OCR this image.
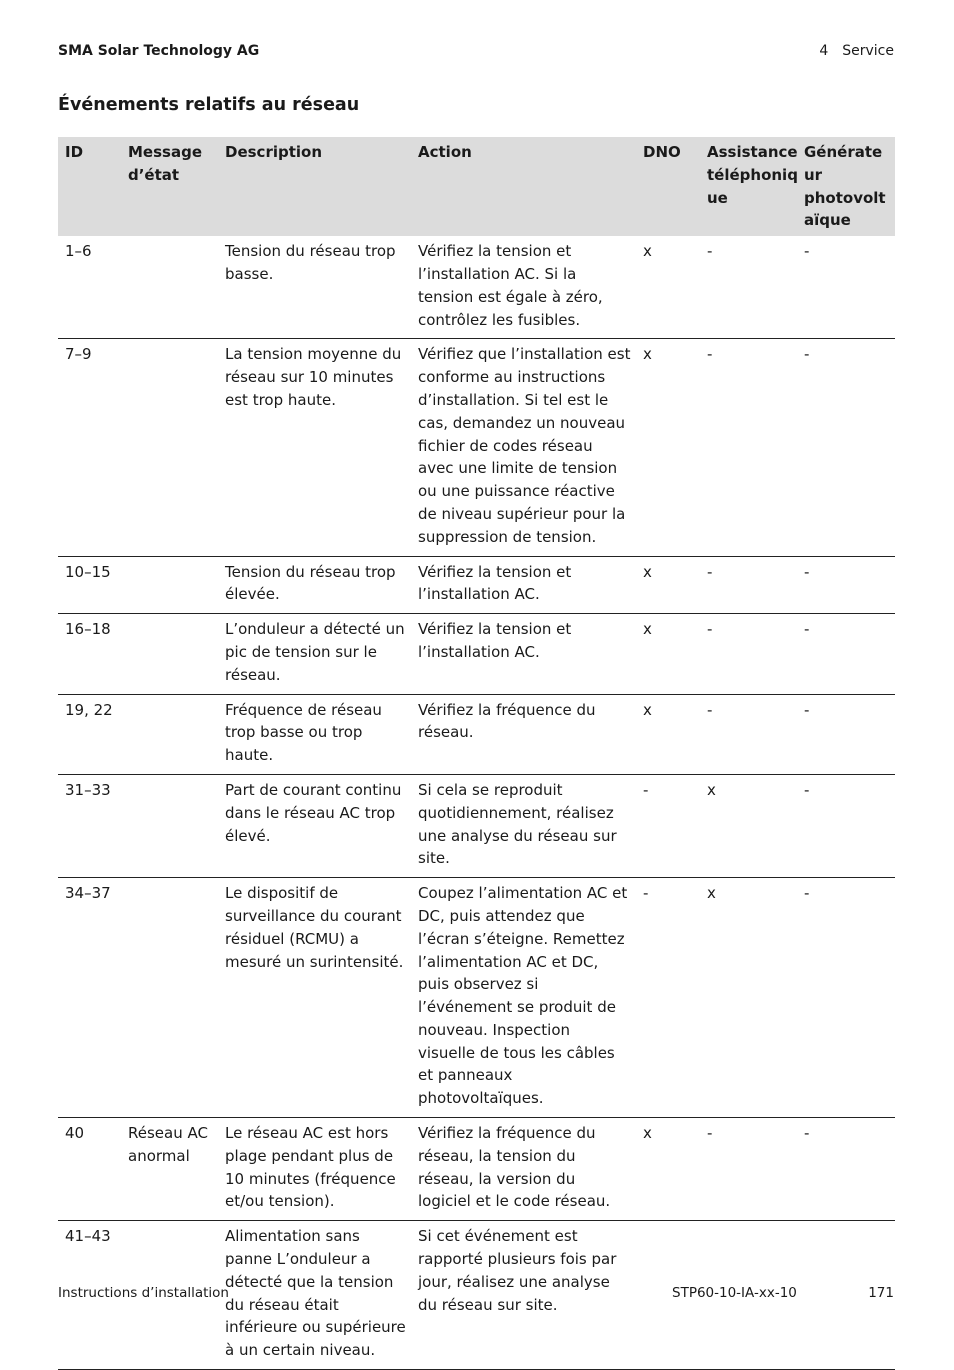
SMA Solar Technology AG	4 Service
Événements relatifs au réseau
ID	Message d’état	Description	Action	DNO	Assistance téléphoniq ue	Générate ur photovolt aïque
1–6		Tension du réseau trop basse.	Vérifiez la tension et l’installation AC. Si la tension est égale à zéro, contrôlez les fusibles.	x	-	-
7–9		La tension moyenne du réseau sur 10 minutes est trop haute.	Vérifiez que l’installation est conforme au instructions d’installation. Si tel est le cas, demandez un nouveau fichier de codes réseau avec une limite de tension ou une puissance réactive de niveau supérieur pour la suppression de tension.	x	-	-
10–15		Tension du réseau trop élevée.	Vérifiez la tension et l’installation AC.	x	-	-
16–18		L’onduleur a détecté un pic de tension sur le réseau.	Vérifiez la tension et l’installation AC.	x	-	-
19, 22		Fréquence de réseau trop basse ou trop haute.	Vérifiez la fréquence du réseau.	x	-	-
31–33		Part de courant continu dans le réseau AC trop élevé.	Si cela se reproduit quotidiennement, réalisez une analyse du réseau sur site.	-	x	-
34–37		Le dispositif de surveillance du courant résiduel (RCMU) a mesuré un surintensité.	Coupez l’alimentation AC et DC, puis attendez que l’écran s’éteigne. Remettez l’alimentation AC et DC, puis observez si l’événement se produit de nouveau. Inspection visuelle de tous les câbles et panneaux photovoltaïques.	-	x	-
40	Réseau AC anormal	Le réseau AC est hors plage pendant plus de 10 minutes (fréquence et/ou tension).	Vérifiez la fréquence du réseau, la tension du réseau, la version du logiciel et le code réseau.	x	-	-
41–43		Alimentation sans panne L’onduleur a détecté que la tension du réseau était inférieure ou supérieure à un certain niveau.	Si cet événement est rapporté plusieurs fois par jour, réalisez une analyse du réseau sur site.			
Instructions d’installation	STP60-10-IA-xx-10	171
